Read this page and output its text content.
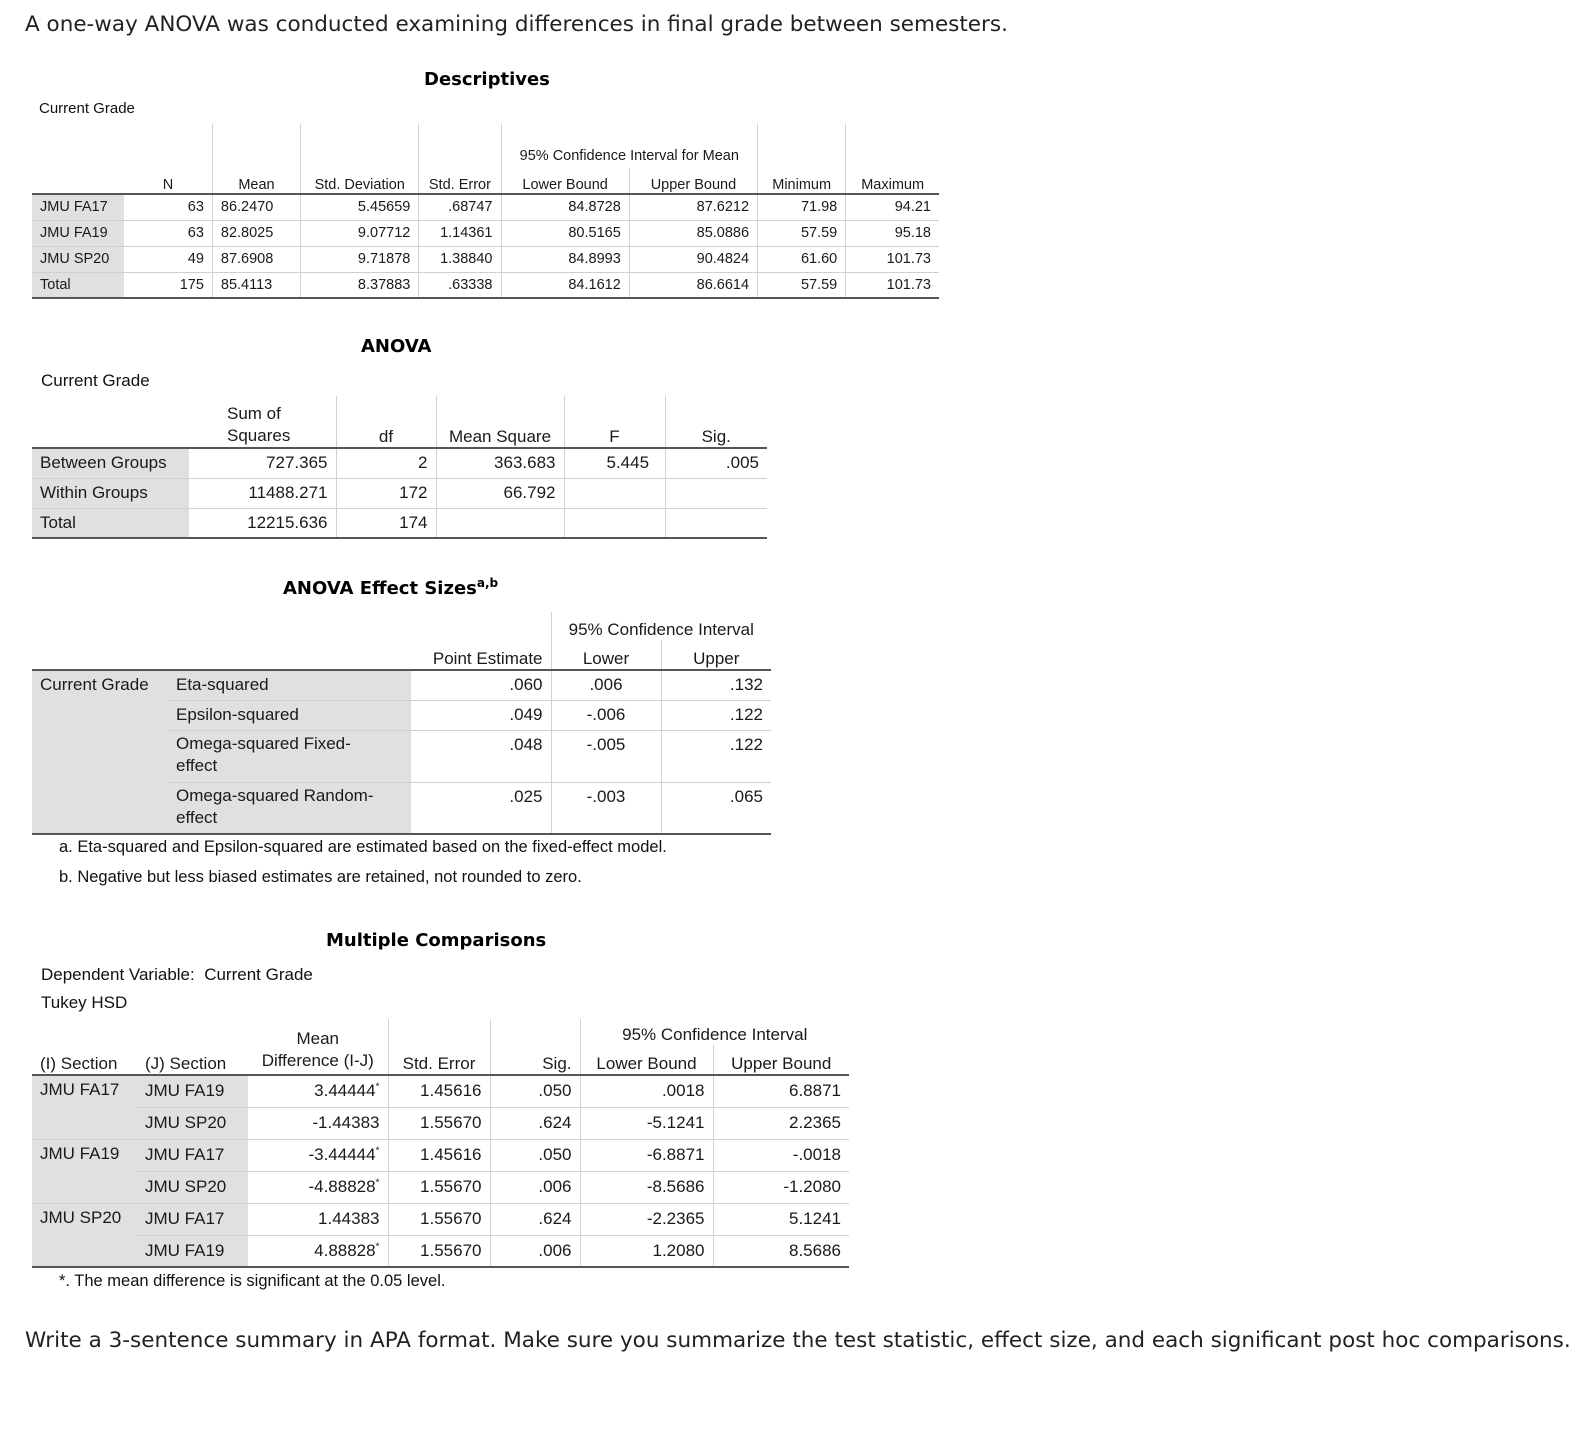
A one-way ANOVA was conducted examining differences in final grade between semesters.
Descriptives
Current Grade
					95% Confidence Interval for Mean			
	N	Mean	Std. Deviation	Std. Error	Lower Bound	Upper Bound	Minimum	Maximum
JMU FA17	63	86.2470	5.45659	.68747	84.8728	87.6212	71.98	94.21
JMU FA19	63	82.8025	9.07712	1.14361	80.5165	85.0886	57.59	95.18
JMU SP20	49	87.6908	9.71878	1.38840	84.8993	90.4824	61.60	101.73
Total	175	85.4113	8.37883	.63338	84.1612	86.6614	57.59	101.73
ANOVA
Current Grade
	Sum of Squares	df	Mean Square	F	Sig.
Between Groups	727.365	2	363.683	5.445	.005
Within Groups	11488.271	172	66.792		
Total	12215.636	174			
ANOVA Effect Sizes$^{a,b}$
			95% Confidence Interval	
		Point Estimate	Lower	Upper
Current Grade	Eta-squared	.060	.006	.132
	Epsilon-squared	.049	-.006	.122
	Omega-squared Fixed-effect	.048	-.005	.122
	Omega-squared Random-effect	.025	-.003	.065
a. Eta-squared and Epsilon-squared are estimated based on the fixed-effect model.
b. Negative but less biased estimates are retained, not rounded to zero.
Multiple Comparisons
Dependent Variable: Current Grade
Tukey HSD
		Mean Difference (I-J)			95% Confidence Interval	
(I) Section	(J) Section		Std. Error	Sig.	Lower Bound	Upper Bound
JMU FA17	JMU FA19	3.44444*	1.45616	.050	.0018	6.8871
	JMU SP20	-1.44383	1.55670	.624	-5.1241	2.2365
JMU FA19	JMU FA17	-3.44444*	1.45616	.050	-6.8871	-.0018
	JMU SP20	-4.88828*	1.55670	.006	-8.5686	-1.2080
JMU SP20	JMU FA17	1.44383	1.55670	.624	-2.2365	5.1241
	JMU FA19	4.88828*	1.55670	.006	1.2080	8.5686
*. The mean difference is significant at the 0.05 level.
Write a 3-sentence summary in APA format. Make sure you summarize the test statistic, effect size, and each significant post hoc comparisons.
